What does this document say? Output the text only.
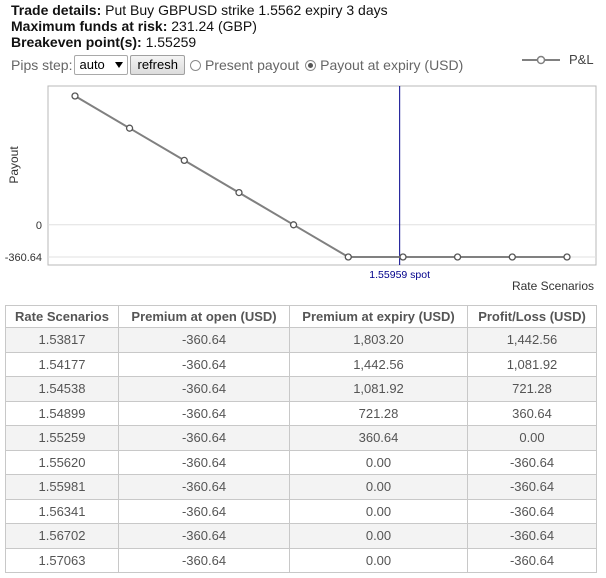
Trade details: Put Buy GBPUSD strike 1.5562 expiry 3 days
Maximum funds at risk: 231.24 (GBP)
Breakeven point(s): 1.55259
Pips step: auto	refresh	Present payout Payout at expiry (USD)	P&L
0
-360.64
Payout
1.55959 spot
Rate Scenarios
Rate Scenarios	Premium at open (USD)	Premium at expiry (USD)	Profit/Loss (USD)
1.53817	-360.64	1,803.20	1,442.56
1.54177	-360.64	1,442.56	1,081.92
1.54538	-360.64	1,081.92	721.28
1.54899	-360.64	721.28	360.64
1.55259	-360.64	360.64	0.00
1.55620	-360.64	0.00	-360.64
1.55981	-360.64	0.00	-360.64
1.56341	-360.64	0.00	-360.64
1.56702	-360.64	0.00	-360.64
1.57063	-360.64	0.00	-360.64
